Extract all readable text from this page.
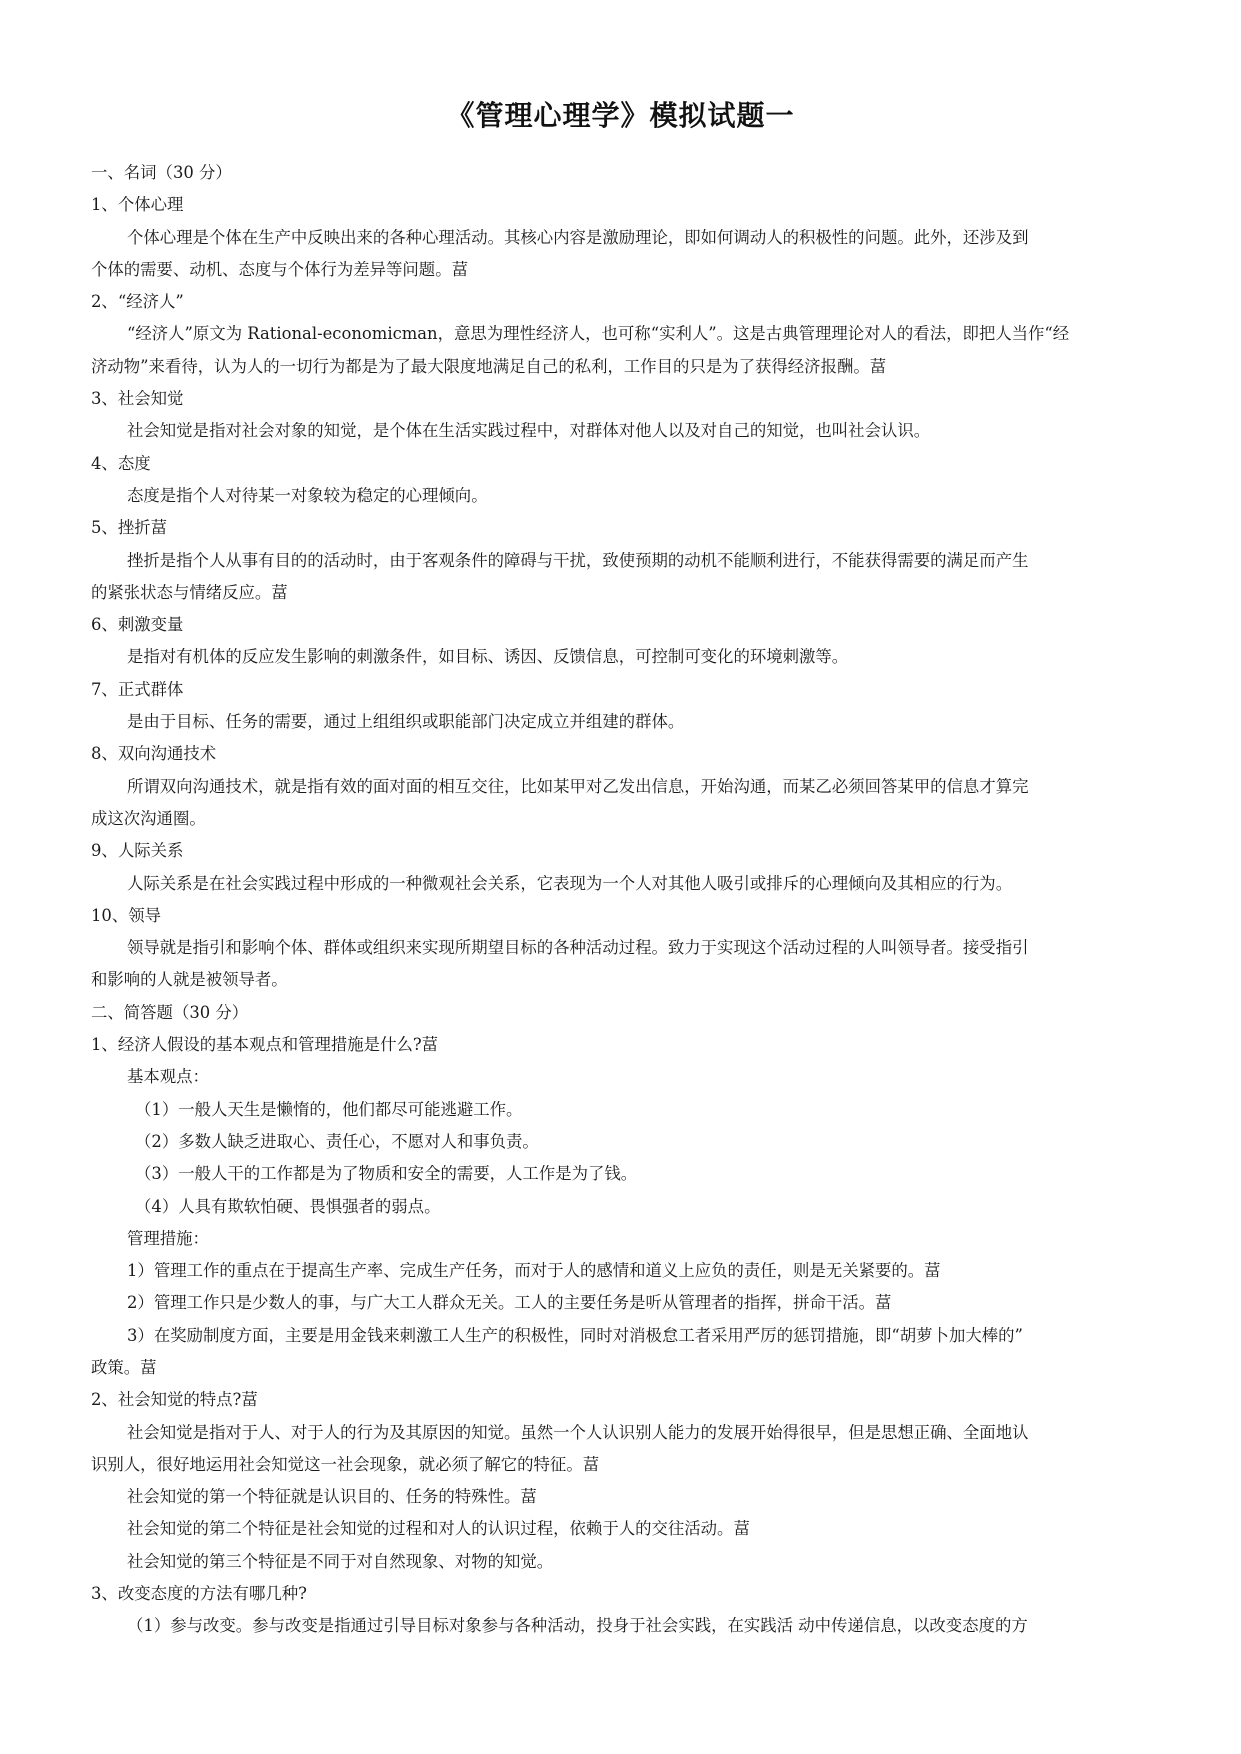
《管理心理学》模拟试题一
一、名词（30 分）
1、个体心理
个体心理是个体在生产中反映出来的各种心理活动。其核心内容是激励理论，即如何调动人的积极性的问题。此外，还涉及到
个体的需要、动机、态度与个体行为差异等问题。葍
2、“经济人”
“经济人”原文为 Rational-economicman，意思为理性经济人，也可称“实利人”。这是古典管理理论对人的看法，即把人当作“经
济动物”来看待，认为人的一切行为都是为了最大限度地满足自己的私利，工作目的只是为了获得经济报酬。葍
3、社会知觉
社会知觉是指对社会对象的知觉，是个体在生活实践过程中，对群体对他人以及对自己的知觉，也叫社会认识。
4、态度
态度是指个人对待某一对象较为稳定的心理倾向。
5、挫折葍
挫折是指个人从事有目的的活动时，由于客观条件的障碍与干扰，致使预期的动机不能顺利进行，不能获得需要的满足而产生
的紧张状态与情绪反应。葍
6、刺激变量
是指对有机体的反应发生影响的刺激条件，如目标、诱因、反馈信息，可控制可变化的环境刺激等。
7、正式群体
是由于目标、任务的需要，通过上组组织或职能部门决定成立并组建的群体。
8、双向沟通技术
所谓双向沟通技术，就是指有效的面对面的相互交往，比如某甲对乙发出信息，开始沟通，而某乙必须回答某甲的信息才算完
成这次沟通圈。
9、人际关系
人际关系是在社会实践过程中形成的一种微观社会关系，它表现为一个人对其他人吸引或排斥的心理倾向及其相应的行为。
10、领导
领导就是指引和影响个体、群体或组织来实现所期望目标的各种活动过程。致力于实现这个活动过程的人叫领导者。接受指引
和影响的人就是被领导者。
二、简答题（30 分）
1、经济人假设的基本观点和管理措施是什么?葍
基本观点：
（1）一般人天生是懒惰的，他们都尽可能逃避工作。
（2）多数人缺乏进取心、责任心，不愿对人和事负责。
（3）一般人干的工作都是为了物质和安全的需要，人工作是为了钱。
（4）人具有欺软怕硬、畏惧强者的弱点。
管理措施：
1）管理工作的重点在于提高生产率、完成生产任务，而对于人的感情和道义上应负的责任，则是无关紧要的。葍
2）管理工作只是少数人的事，与广大工人群众无关。工人的主要任务是听从管理者的指挥，拼命干活。葍
3）在奖励制度方面，主要是用金钱来刺激工人生产的积极性，同时对消极怠工者采用严厉的惩罚措施，即“胡萝卜加大棒的”
政策。葍
2、社会知觉的特点?葍
社会知觉是指对于人、对于人的行为及其原因的知觉。虽然一个人认识别人能力的发展开始得很早，但是思想正确、全面地认
识别人，很好地运用社会知觉这一社会现象，就必须了解它的特征。葍
社会知觉的第一个特征就是认识目的、任务的特殊性。葍
社会知觉的第二个特征是社会知觉的过程和对人的认识过程，依赖于人的交往活动。葍
社会知觉的第三个特征是不同于对自然现象、对物的知觉。
3、改变态度的方法有哪几种?
（1）参与改变。参与改变是指通过引导目标对象参与各种活动，投身于社会实践，在实践活 动中传递信息，以改变态度的方
